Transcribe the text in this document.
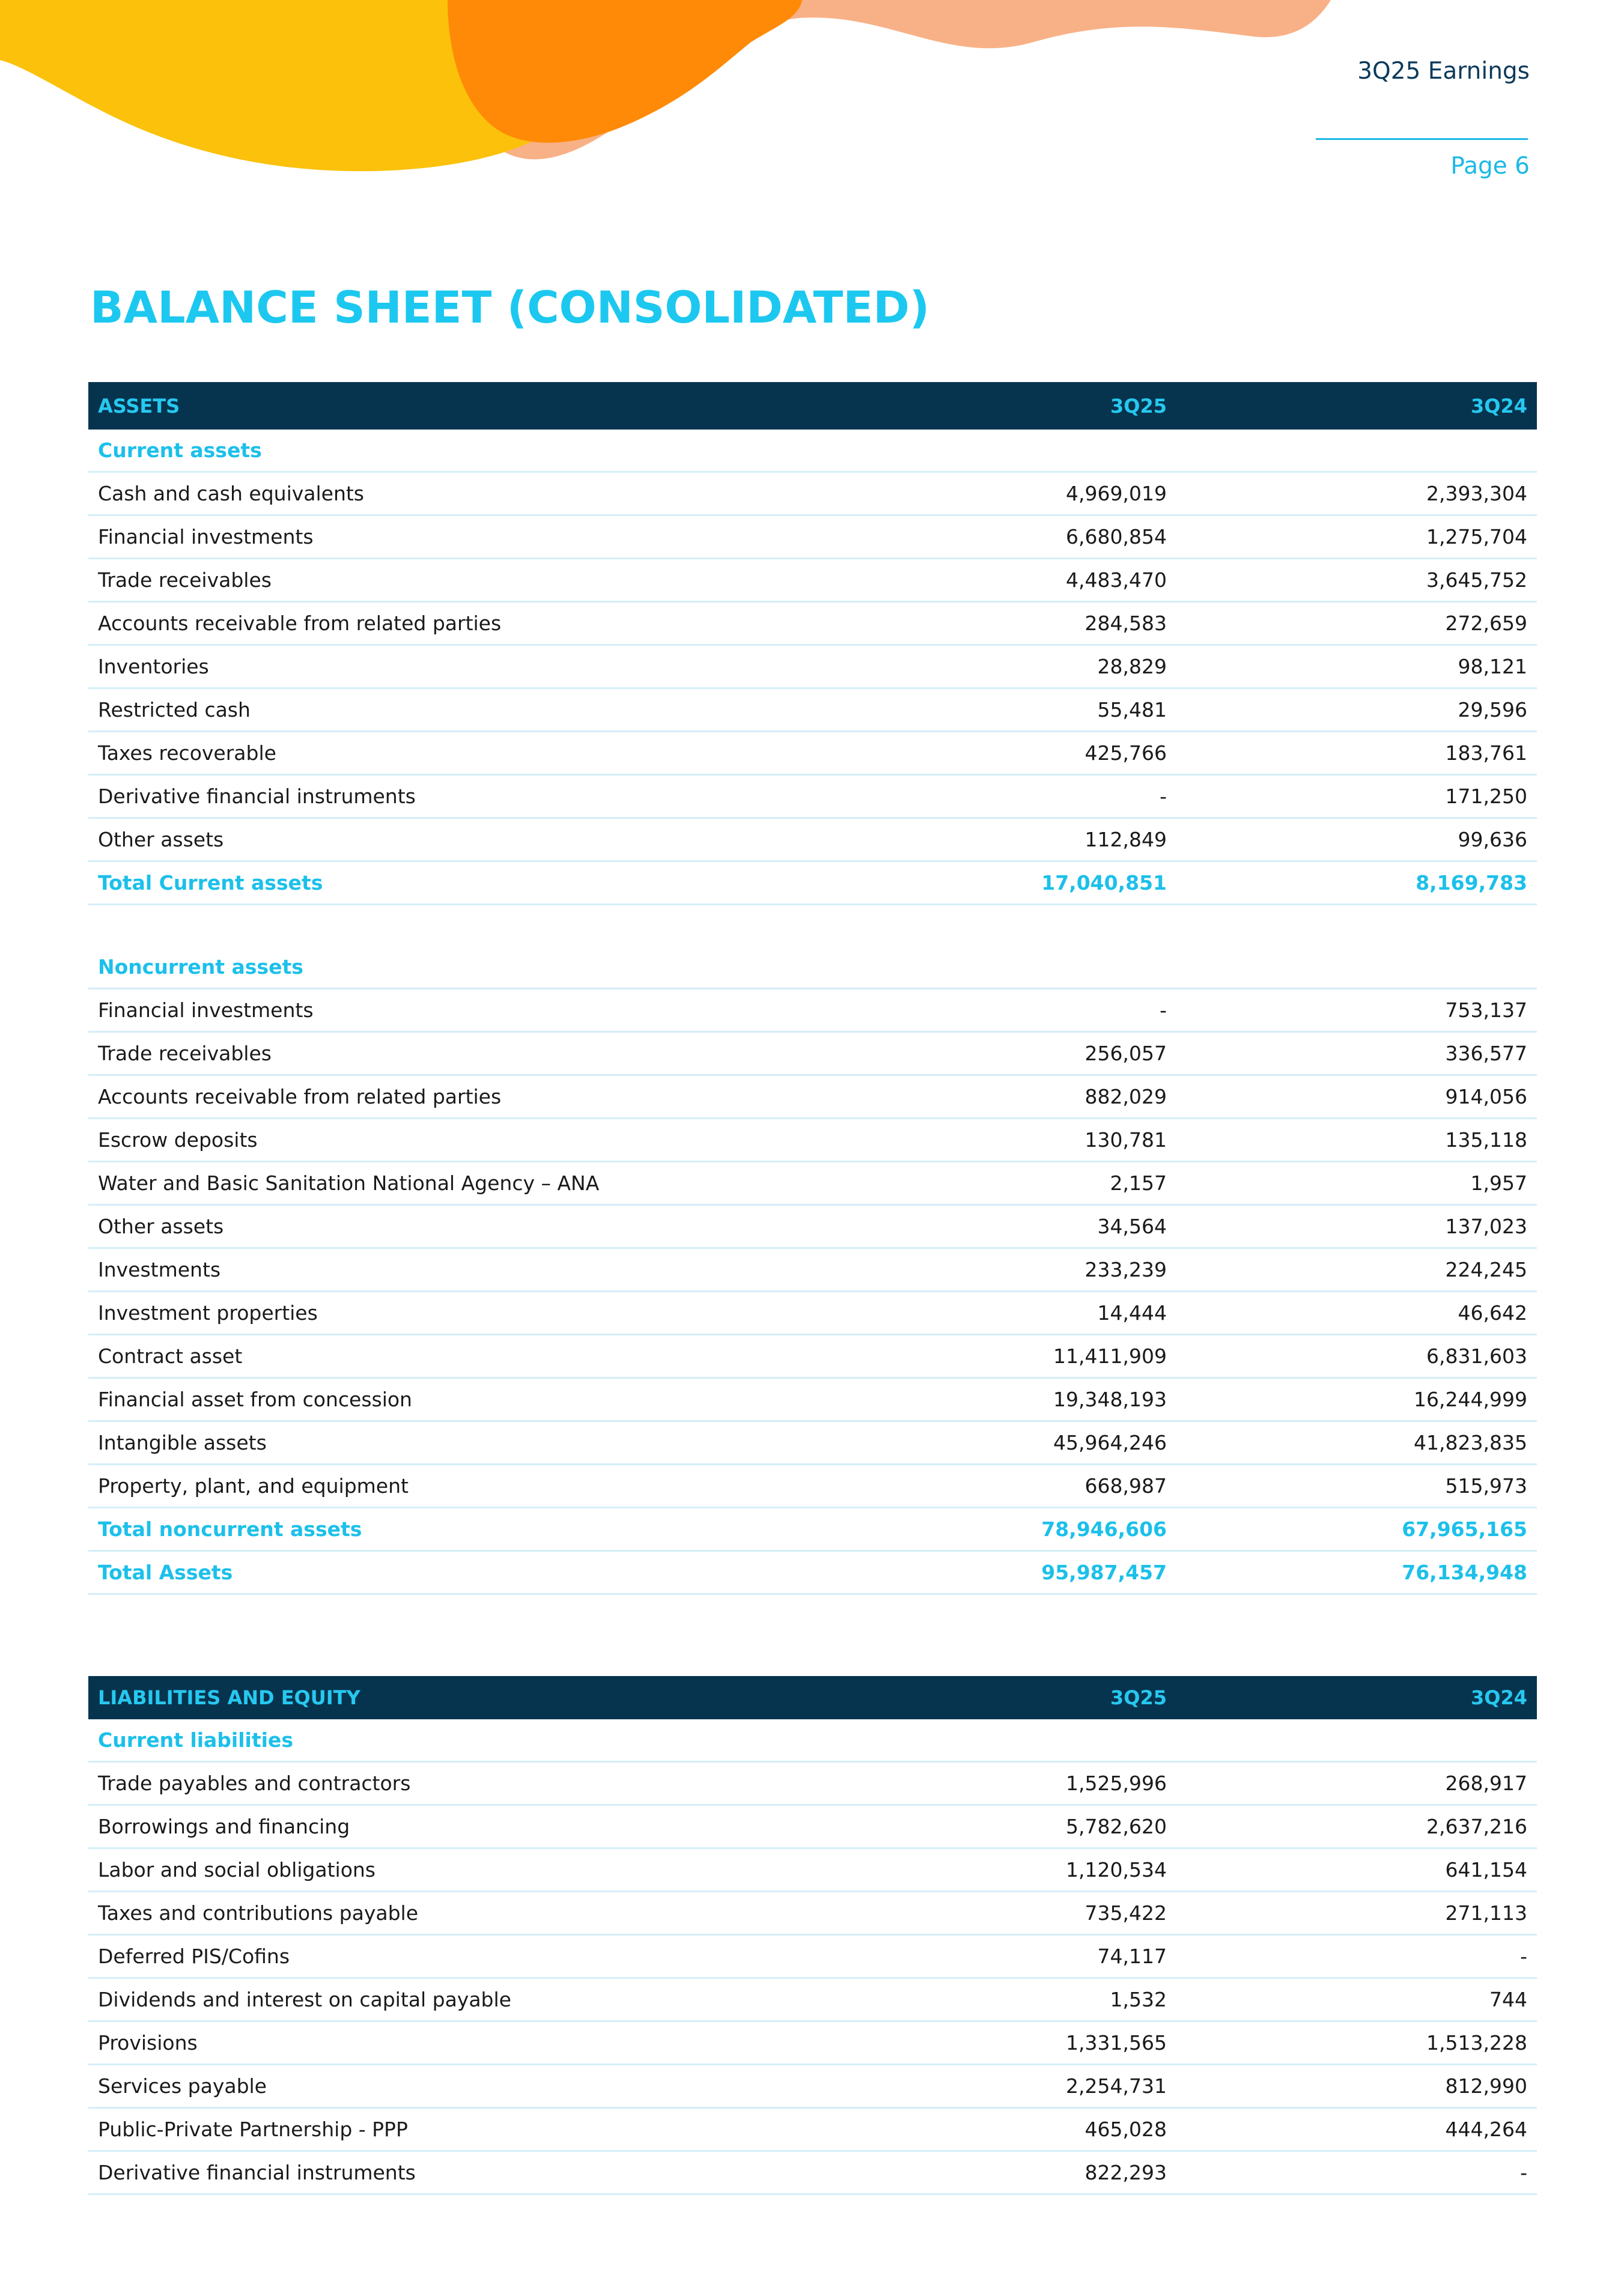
3Q25 Earnings
Page 6
BALANCE SHEET (CONSOLIDATED)
ASSETS	3Q25	3Q24
Current assets
Cash and cash equivalents	4,969,019	2,393,304
Financial investments	6,680,854	1,275,704
Trade receivables	4,483,470	3,645,752
Accounts receivable from related parties	284,583	272,659
Inventories	28,829	98,121
Restricted cash	55,481	29,596
Taxes recoverable	425,766	183,761
Derivative financial instruments	-	171,250
Other assets	112,849	99,636
Total Current assets	17,040,851	8,169,783
Noncurrent assets
Financial investments	-	753,137
Trade receivables	256,057	336,577
Accounts receivable from related parties	882,029	914,056
Escrow deposits	130,781	135,118
Water and Basic Sanitation National Agency – ANA	2,157	1,957
Other assets	34,564	137,023
Investments	233,239	224,245
Investment properties	14,444	46,642
Contract asset	11,411,909	6,831,603
Financial asset from concession	19,348,193	16,244,999
Intangible assets	45,964,246	41,823,835
Property, plant, and equipment	668,987	515,973
Total noncurrent assets	78,946,606	67,965,165
Total Assets	95,987,457	76,134,948
LIABILITIES AND EQUITY	3Q25	3Q24
Current liabilities
Trade payables and contractors	1,525,996	268,917
Borrowings and financing	5,782,620	2,637,216
Labor and social obligations	1,120,534	641,154
Taxes and contributions payable	735,422	271,113
Deferred PIS/Cofins	74,117	-
Dividends and interest on capital payable	1,532	744
Provisions	1,331,565	1,513,228
Services payable	2,254,731	812,990
Public-Private Partnership - PPP	465,028	444,264
Derivative financial instruments	822,293	-
